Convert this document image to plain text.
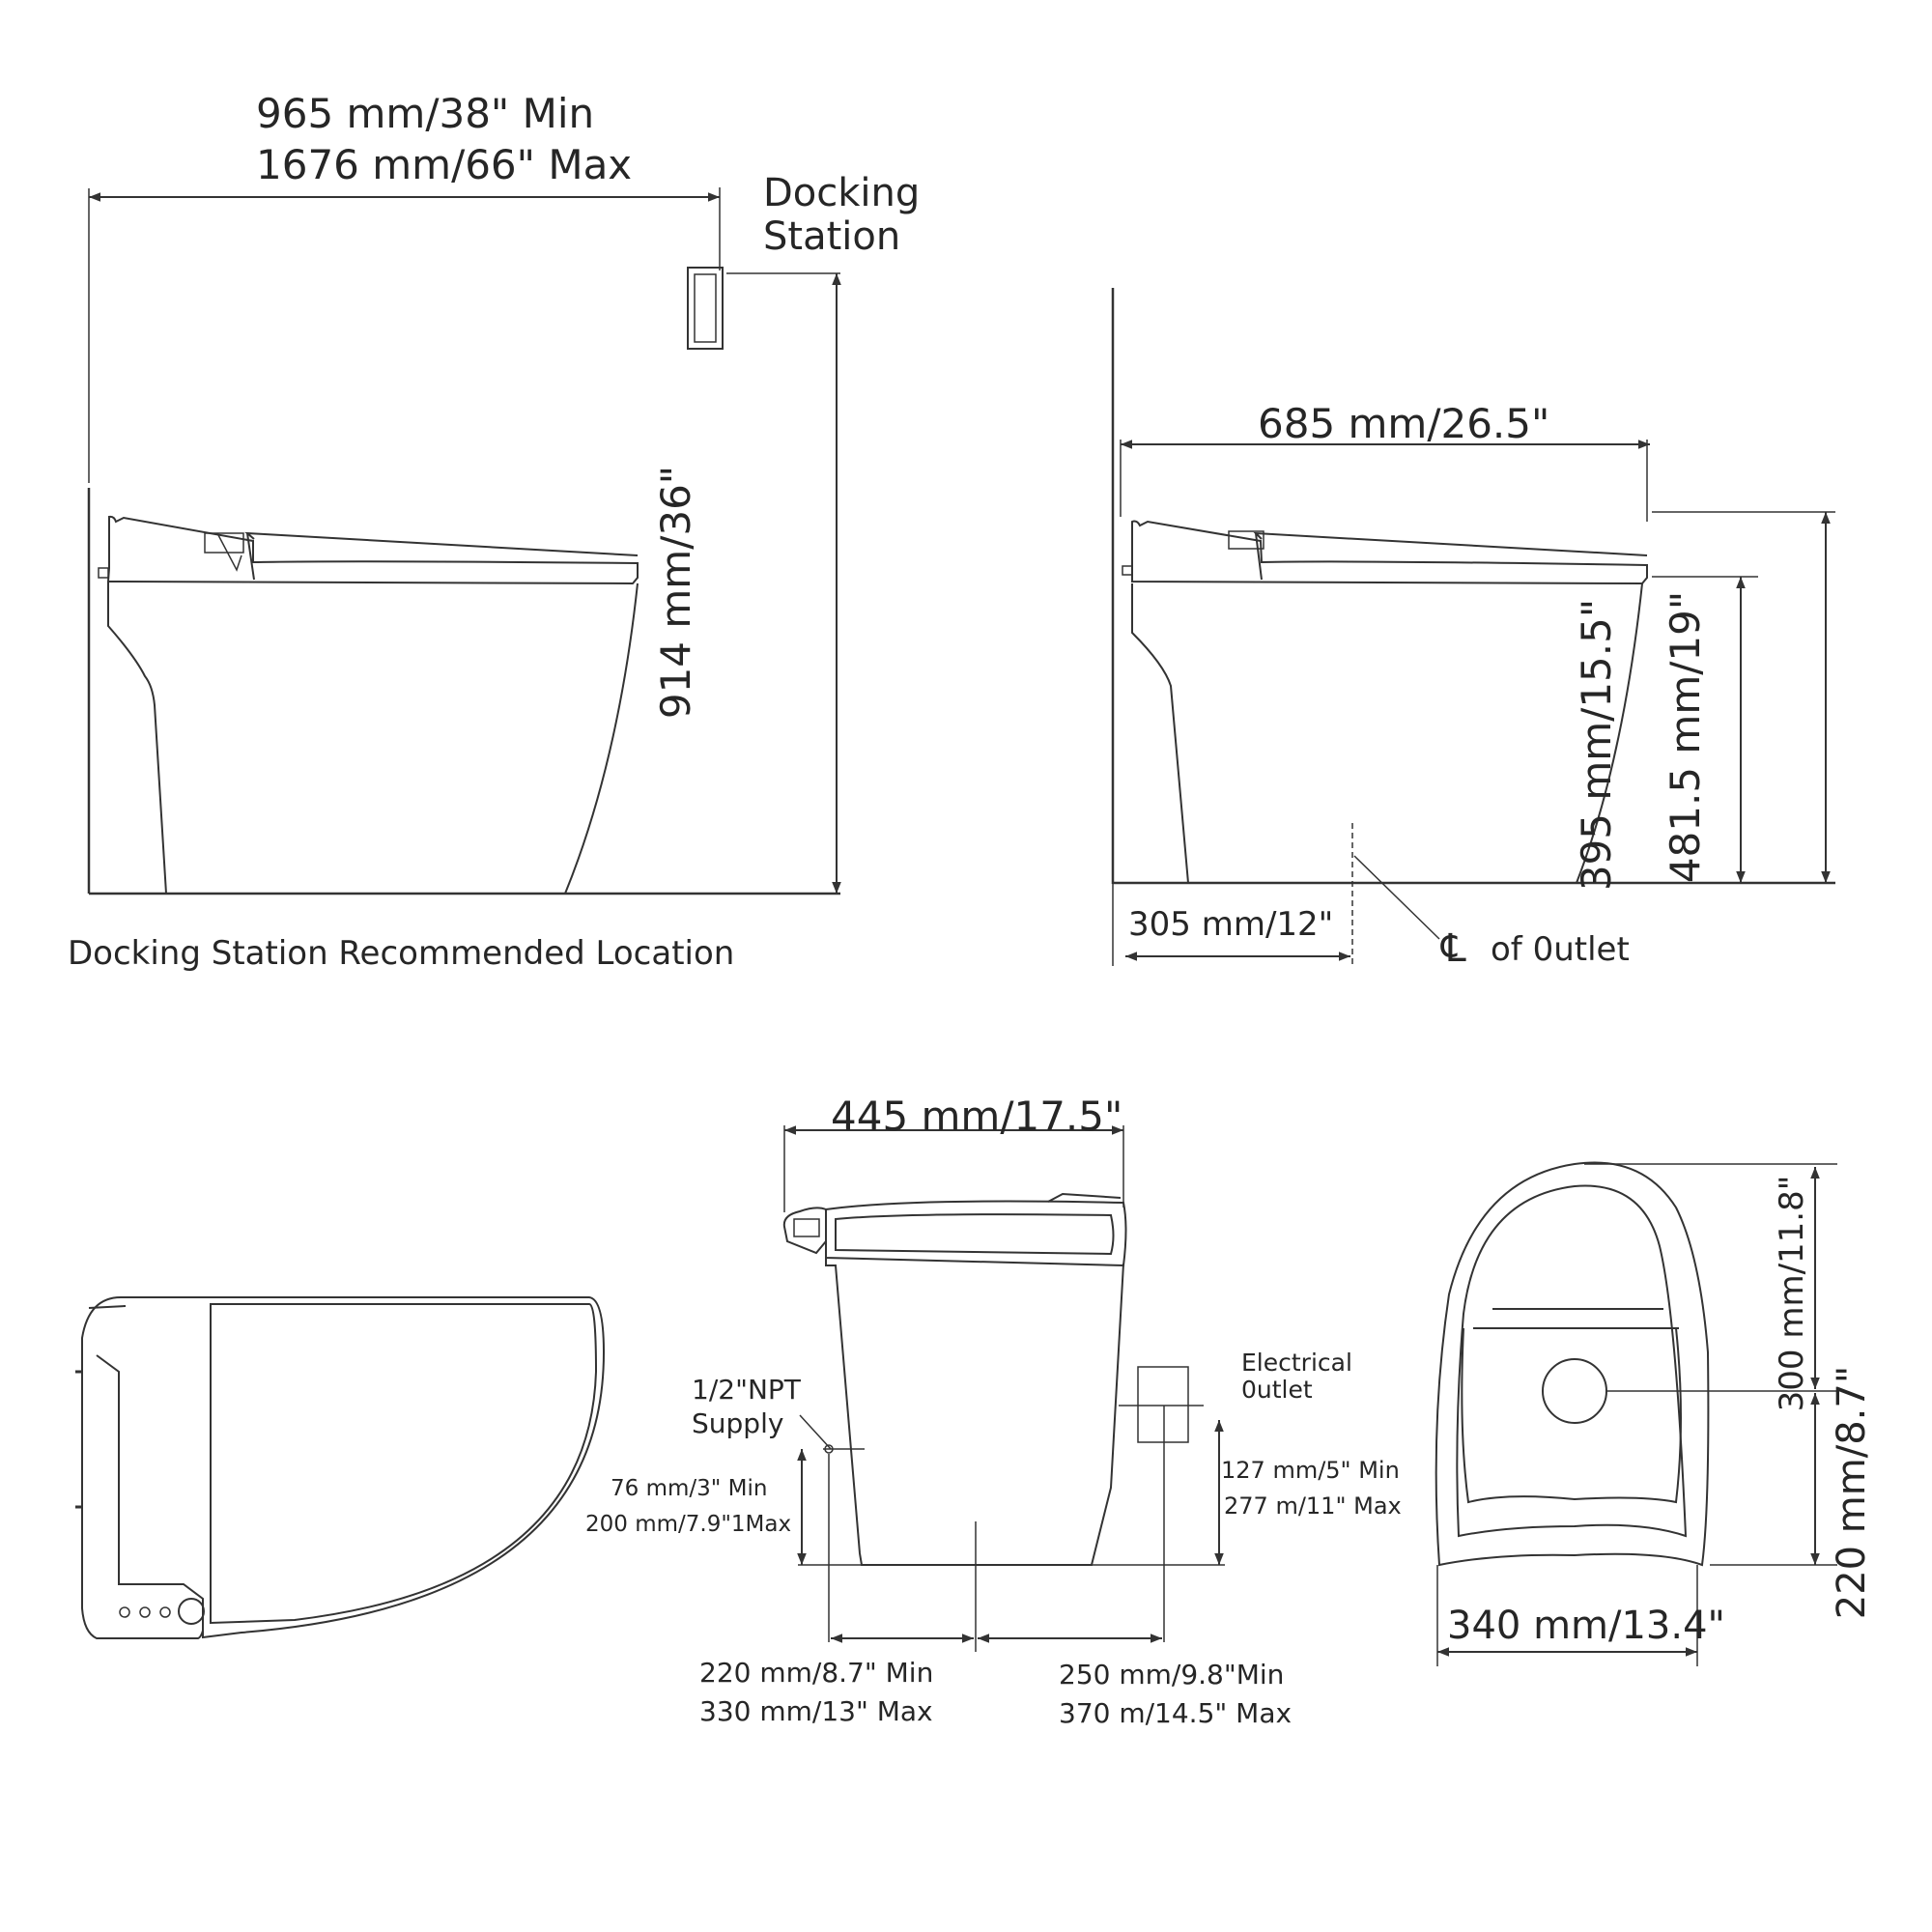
965 mm/38" Min
1676 mm/66" Max
Docking
Station
914 mm/36"
Docking Station Recommended Location
685 mm/26.5"
395 mm/15.5" 481.5 mm/19"
305 mm/12"
℄ of 0utlet
445 mm/17.5"
1/2"NPT
Supply
76 mm/3" Min
200 mm/7.9"1Max
Electrical
0utlet
127 mm/5" Min
277 m/11" Max
220 mm/8.7" Min
330 mm/13" Max
250 mm/9.8"Min
370 m/14.5" Max
300 mm/11.8"
220 mm/8.7"
340 mm/13.4"
